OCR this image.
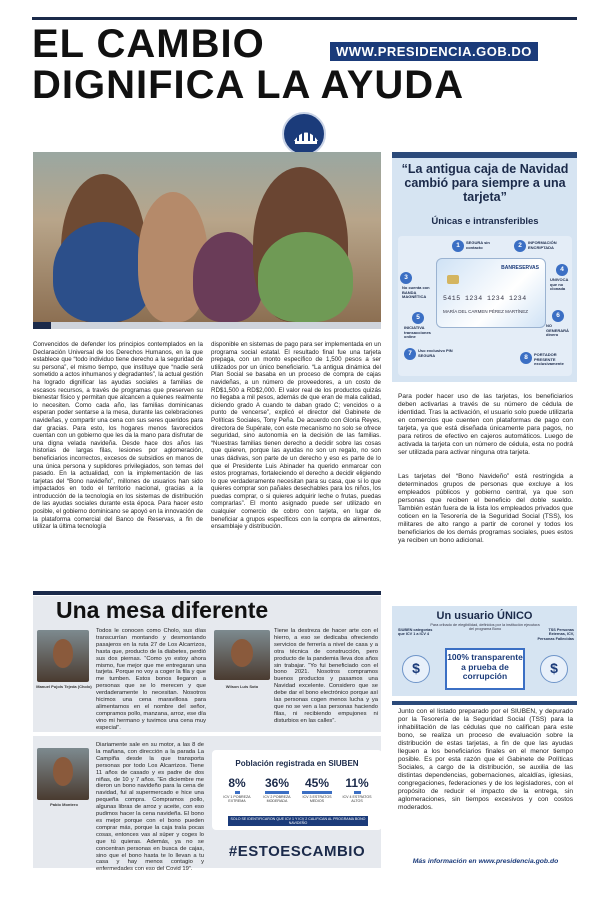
EL CAMBIO
DIGNIFICA LA AYUDA
WWW.PRESIDENCIA.GOB.DO
Convencidos de defender los principios contemplados en la Declaración Universal de los Derechos Humanos, en la que establece que “todo individuo tiene derecho a la seguridad de su persona”, el mismo tiempo, que instituye que “nadie será sometido a actos inhumanos y degradantes”, la actual gestión ha logrado dignificar las ayudas sociales a familias de escasos recursos, a través de programas que preserven su bienestar físico y permitan que alcancen a quienes realmente lo necesiten. Como cada año, las familias dominicanas esperan poder sentarse a la mesa, durante las celebraciones navideñas, y compartir una cena con sus seres queridos para dar gracias. Para esto, los hogares menos favorecidos cuentan con un gobierno que les da la mano para disfrutar de una digna velada navideña. Desde hace dos años las historias de largas filas, lesiones por aglomeración, beneficiarios incorrectos, excesos de subsidios en manos de una única persona y suplidores privilegiados, son temas del pasado. En la actualidad, con la implementación de las tarjetas del “Bono navideño”, millones de usuarios han sido impactados en todo el territorio nacional, gracias a la introducción de la tecnología en los sistemas de distribución de las ayudas sociales durante esta época. Para hacer esto posible, el gobierno dominicano se apoyó en la innovación de la plataforma comercial del Banco de Reservas, a fin de utilizar la última tecnología
disponible en sistemas de pago para ser implementada en un programa social estatal. El resultado final fue una tarjeta prepaga, con un monto específico de 1,500 pesos a ser utilizados por un único beneficiario. “La antigua dinámica del Plan Social se basaba en un proceso de compra de cajas navideñas, a un número de proveedores, a un costo de RD$1,500 a RD$2,000. El valor real de los productos quizás no llegaba a mil pesos, además de que eran de mala calidad, diciendo grado A cuando te daban grado C; vencidos o a punto de vencerse”, explicó el director del Gabinete de Políticas Sociales, Tony Peña. De acuerdo con Gloria Reyes, directora de Supérate, con este mecanismo no solo se ofrece seguridad, sino autonomía en la decisión de las familias. “Nuestras familias tienen derecho a decidir sobre las cosas que quieren, porque las ayudas no son un regalo, no son unas dádivas, son parte de un derecho y eso es parte de lo que el Presidente Luis Abinader ha querido enmarcar con estos programas, fortaleciendo el derecho a decidir eligiendo lo que verdaderamente necesitan para su casa, que si lo que quieres comprar son pañales desechables para los niños, los puedas comprar, o si quieres adquirir leche o frutas, puedas comprarlas”. El monto asignado puede ser utilizado en cualquier comercio de cobro con tarjeta, en lugar de beneficiar a grupos específicos con la compra de alimentos, ensamblaje y distribución.
“La antigua caja de Navidad cambió para siempre a una tarjeta”
Únicas e intransferibles
BANRESERVAS
5415 1234 1234 1234
MARÍA DEL CARMEN PÉREZ MARTÍNEZ
1	SEGURA sin contacto	2	INFORMACIÓN ENCRIPTADA
3
No cuenta con BANDA MAGNÉTICA
4
UNIVOCA que no clonada
5
INICIATIVA transacciones online
6
NO GENERARÁ dinero
7	Uso exclusivo PIN SEGURA	8	PORTADOR PRESENTE exclusivamente
Para poder hacer uso de las tarjetas, los beneficiarios deben activarlas a través de su número de cédula de identidad. Tras la activación, el usuario solo puede utilizarla en comercios que cuenten con plataformas de pago con tarjeta, ya que está diseñada únicamente para pagos, no para retiros de efectivo en cajeros automáticos. Luego de activada la tarjeta con un número de cédula, esta no podrá ser utilizada para activar ninguna otra tarjeta.
Las tarjetas del “Bono Navideño” está restringida a determinados grupos de personas que excluye a los empleados públicos y gobierno central, ya que son personas que reciben el beneficio del doble sueldo. También están fuera de la lista los empleados privados que coticen en la Tesorería de la Seguridad Social (TSS), los militares de alto rango a partir de coronel y todos los beneficiarios de los demás programas sociales, pues estos ya reciben un bono adicional.
Un usuario ÚNICO
Para cribado de elegibilidad, definidos por la institución ejecutora del programa Bono
SIUBEN categorías que ICV 1 a ICV 4
TSS Personas Externas, ICV, Personas Fallecidas
$	$
100% transparente a prueba de corrupción
Junto con el listado preparado por el SIUBEN, y depurado por la Tesorería de la Seguridad Social (TSS) para la inhabilitación de las cédulas que no califican para este bono, se realiza un proceso de evaluación sobre la distribución de estas tarjetas, a fin de que las ayudas lleguen a los beneficiarios finales en el menor tiempo posible. Es por esta razón que el Gabinete de Políticas Sociales, a cargo de la distribución, se auxilia de las distintas dependencias, gobernaciones, alcaldías, iglesias, congregaciones, federaciones y de los legisladores, con el propósito de reducir el impacto de la entrega, sin aglomeraciones, sin tiempos excesivos y con costos moderados.
Más información en www.presidencia.gob.do
Una mesa diferente
Manuel Pujols Tejeda (Cholo)
Todos le conocen como Cholo, sus días transcurrían montando y desmontando pasajeros en la ruta 27 de Los Alcarrizos, hasta que, producto de la diabetes, perdió sus dos piernas. “Como yo estoy ahora mismo, fue mejor que me entregaran una tarjeta. Porque no voy a coger la fila y que me tumben. Estos bonos llegaron a personas que se lo merecen y que verdaderamente lo necesitan. Nosotros hicimos una cena maravillosa para alimentarnos en el nombre del señor, compramos pollo, manzana, arroz, ese día vino mi hermano y tuvimos una cena muy especial”.
Wilson Luis Soto
Tiene la destreza de hacer arte con el hierro, a eso se dedicaba ofreciendo servicios de ferrería a nivel de casa y a otra técnica de construcción, pero producto de la pandemia lleva dos años sin trabajar. “Yo fui beneficiado con el bono 2021. Nosotros compramos buenos productos y pasamos una Navidad excelente. Considero que se debe dar el bono electrónico porque así las personas cogen menos lucha y ya que no se ven a las personas haciendo filas, ni recibiendo empujones ni disturbios en las calles”.
Pablo Montero
Diariamente sale en su motor, a las 8 de la mañana, con dirección a la parada La Campiña desde la que transporta personas por todo Los Alcarrizos. Tiene 11 años de casado y es padre de dos niñas, de 10 y 7 años. “En diciembre me dieron un bono navideño para la cena de navidad, fui al supermercado e hice una pequeña compra. Compramos pollo, algunas libras de arroz y aceite, con eso pudimos hacer la cena navideña. El bono es mejor porque con el bono pueden comprar más, porque la caja traía pocas cosas, entonces vas al súper y coges lo que tú quieras. Además, ya no se concentran personas en busca de cajas, sino que el bono hasta te lo llevan a tu casa y hay menos contagio y enfermedades con eso del Covid 19”.
Población registrada en SIUBEN
8%
ICV 1 POBREZA EXTREMA
36%
ICV 2 POBREZA MODERADA
45%
ICV 3 ESTRATOS MEDIOS
11%
ICV 4 ESTRATOS ALTOS
SOLO SE IDENTIFICARON QUE ICV 1 Y ICV 2 CALIFICAN AL PROGRAMA BONO NAVIDEÑO
#ESTOESCAMBIO
